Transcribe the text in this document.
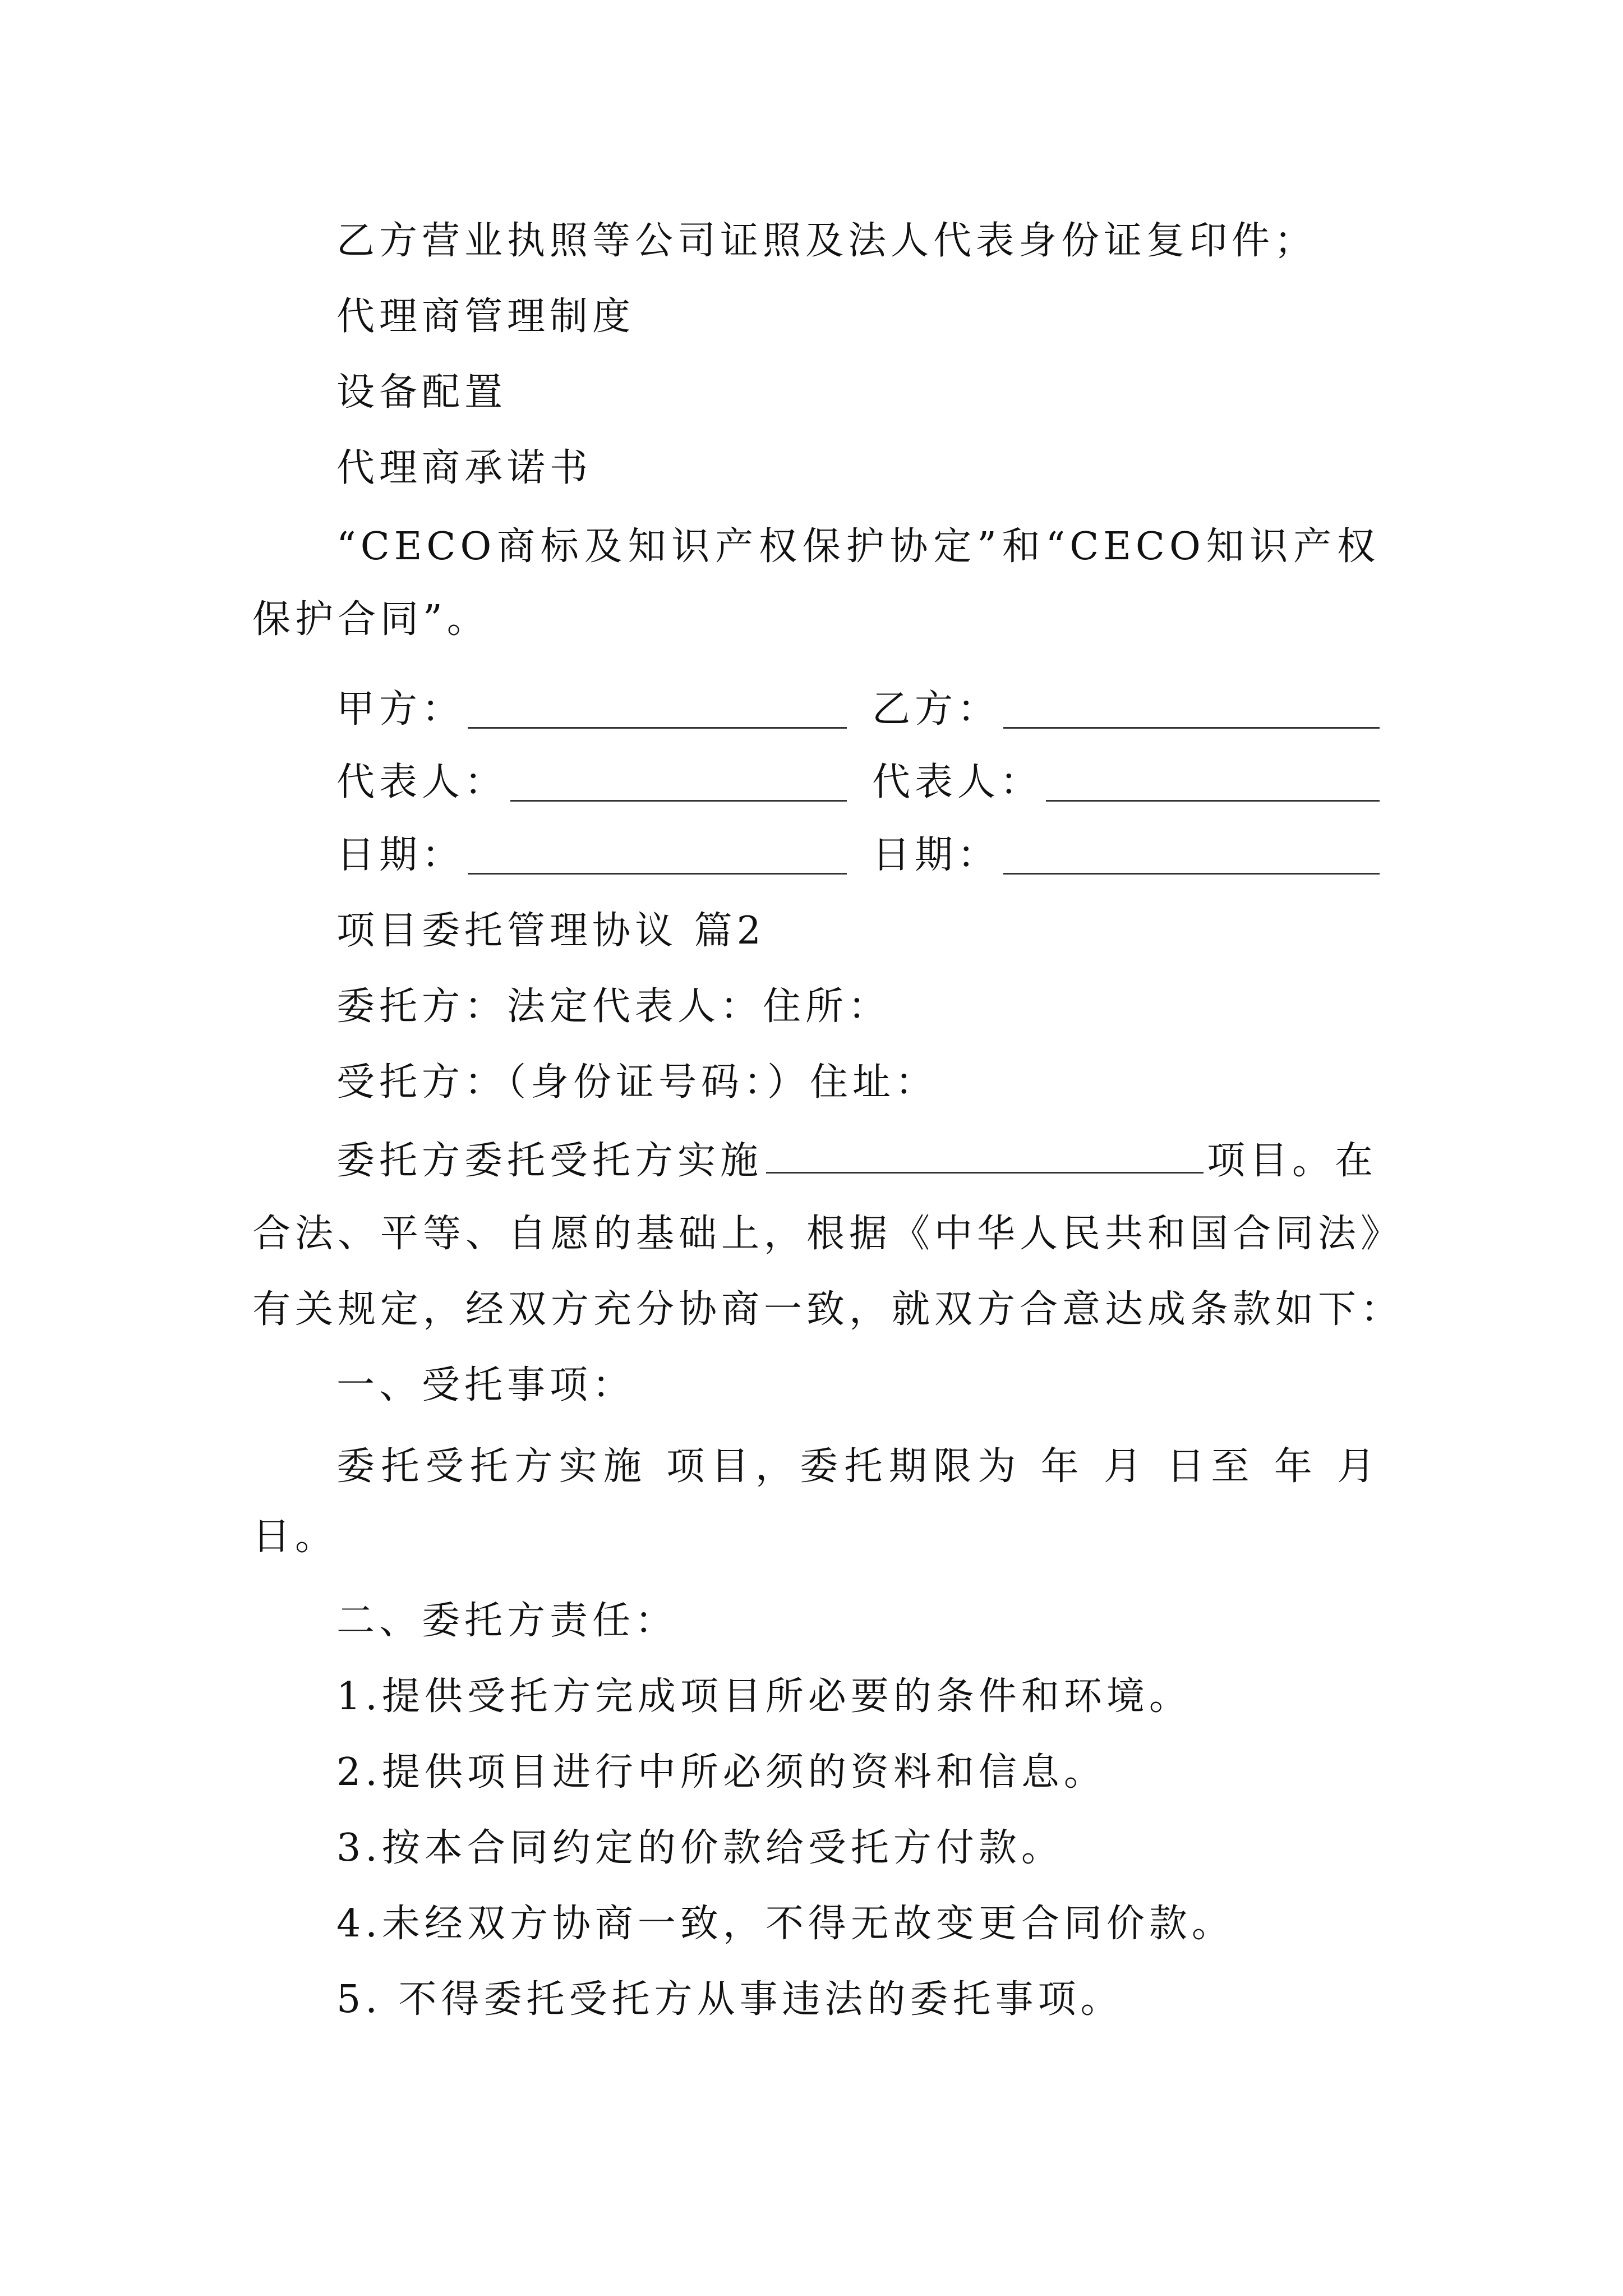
乙方营业执照等公司证照及法人代表身份证复印件；
代理商管理制度
设备配置
代理商承诺书
“CECO商标及知识产权保护协定”和“CECO知识产权
保护合同”。
甲方：	乙方：
代表人：	代表人：
日期：	日期：
项目委托管理协议 篇2
委托方：法定代表人：住所：
受托方：（身份证号码：）住址：
委托方委托受托方实施	项目。在
合法、平等、自愿的基础上，根据《中华人民共和国合同法》
有关规定，经双方充分协商一致，就双方合意达成条款如下：
一、受托事项：
委托受托方实施 项目，委托期限为 年 月 日至 年 月
日。
二、委托方责任：
1.提供受托方完成项目所必要的条件和环境。
2.提供项目进行中所必须的资料和信息。
3.按本合同约定的价款给受托方付款。
4.未经双方协商一致，不得无故变更合同价款。
5. 不得委托受托方从事违法的委托事项。
